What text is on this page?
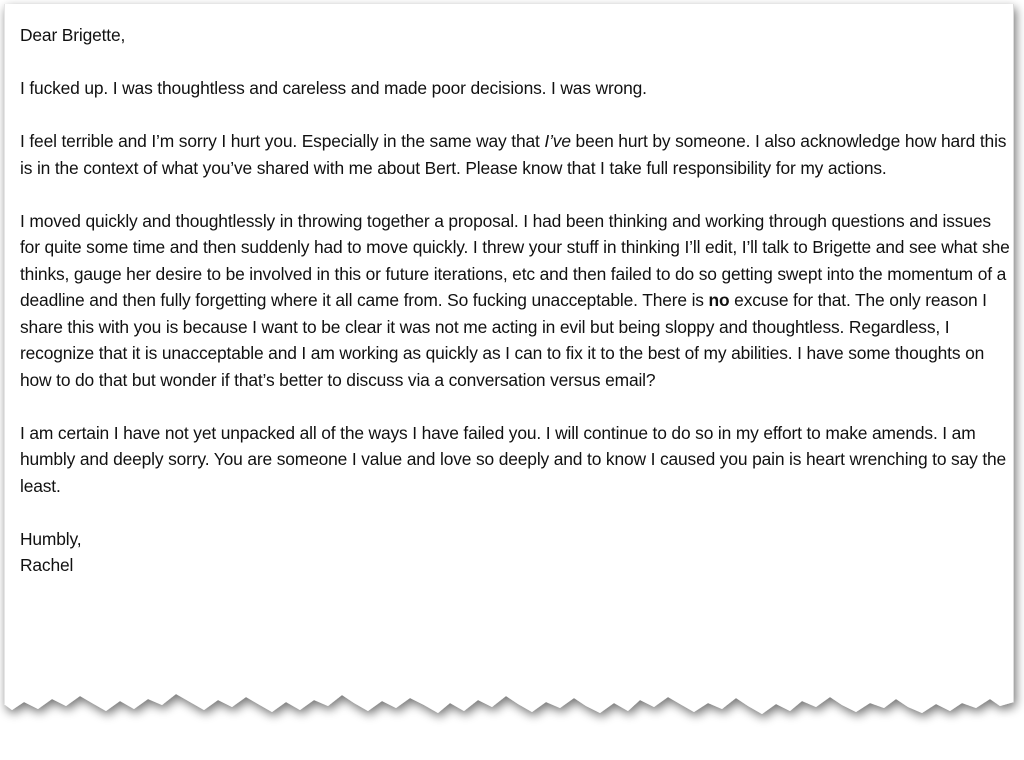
Dear Brigette,

I fucked up. I was thoughtless and careless and made poor decisions. I was wrong.

I feel terrible and I’m sorry I hurt you. Especially in the same way that I’ve been hurt by someone. I also acknowledge how hard this is in the context of what you’ve shared with me about Bert. Please know that I take full responsibility for my actions.

I moved quickly and thoughtlessly in throwing together a proposal. I had been thinking and working through questions and issues for quite some time and then suddenly had to move quickly. I threw your stuff in thinking I’ll edit, I’ll talk to Brigette and see what she thinks, gauge her desire to be involved in this or future iterations, etc and then failed to do so getting swept into the momentum of a deadline and then fully forgetting where it all came from. So fucking unacceptable. There is no excuse for that. The only reason I share this with you is because I want to be clear it was not me acting in evil but being sloppy and thoughtless. Regardless, I recognize that it is unacceptable and I am working as quickly as I can to fix it to the best of my abilities. I have some thoughts on how to do that but wonder if that’s better to discuss via a conversation versus email?

I am certain I have not yet unpacked all of the ways I have failed you. I will continue to do so in my effort to make amends. I am humbly and deeply sorry. You are someone I value and love so deeply and to know I caused you pain is heart wrenching to say the least.

Humbly,

Rachel
